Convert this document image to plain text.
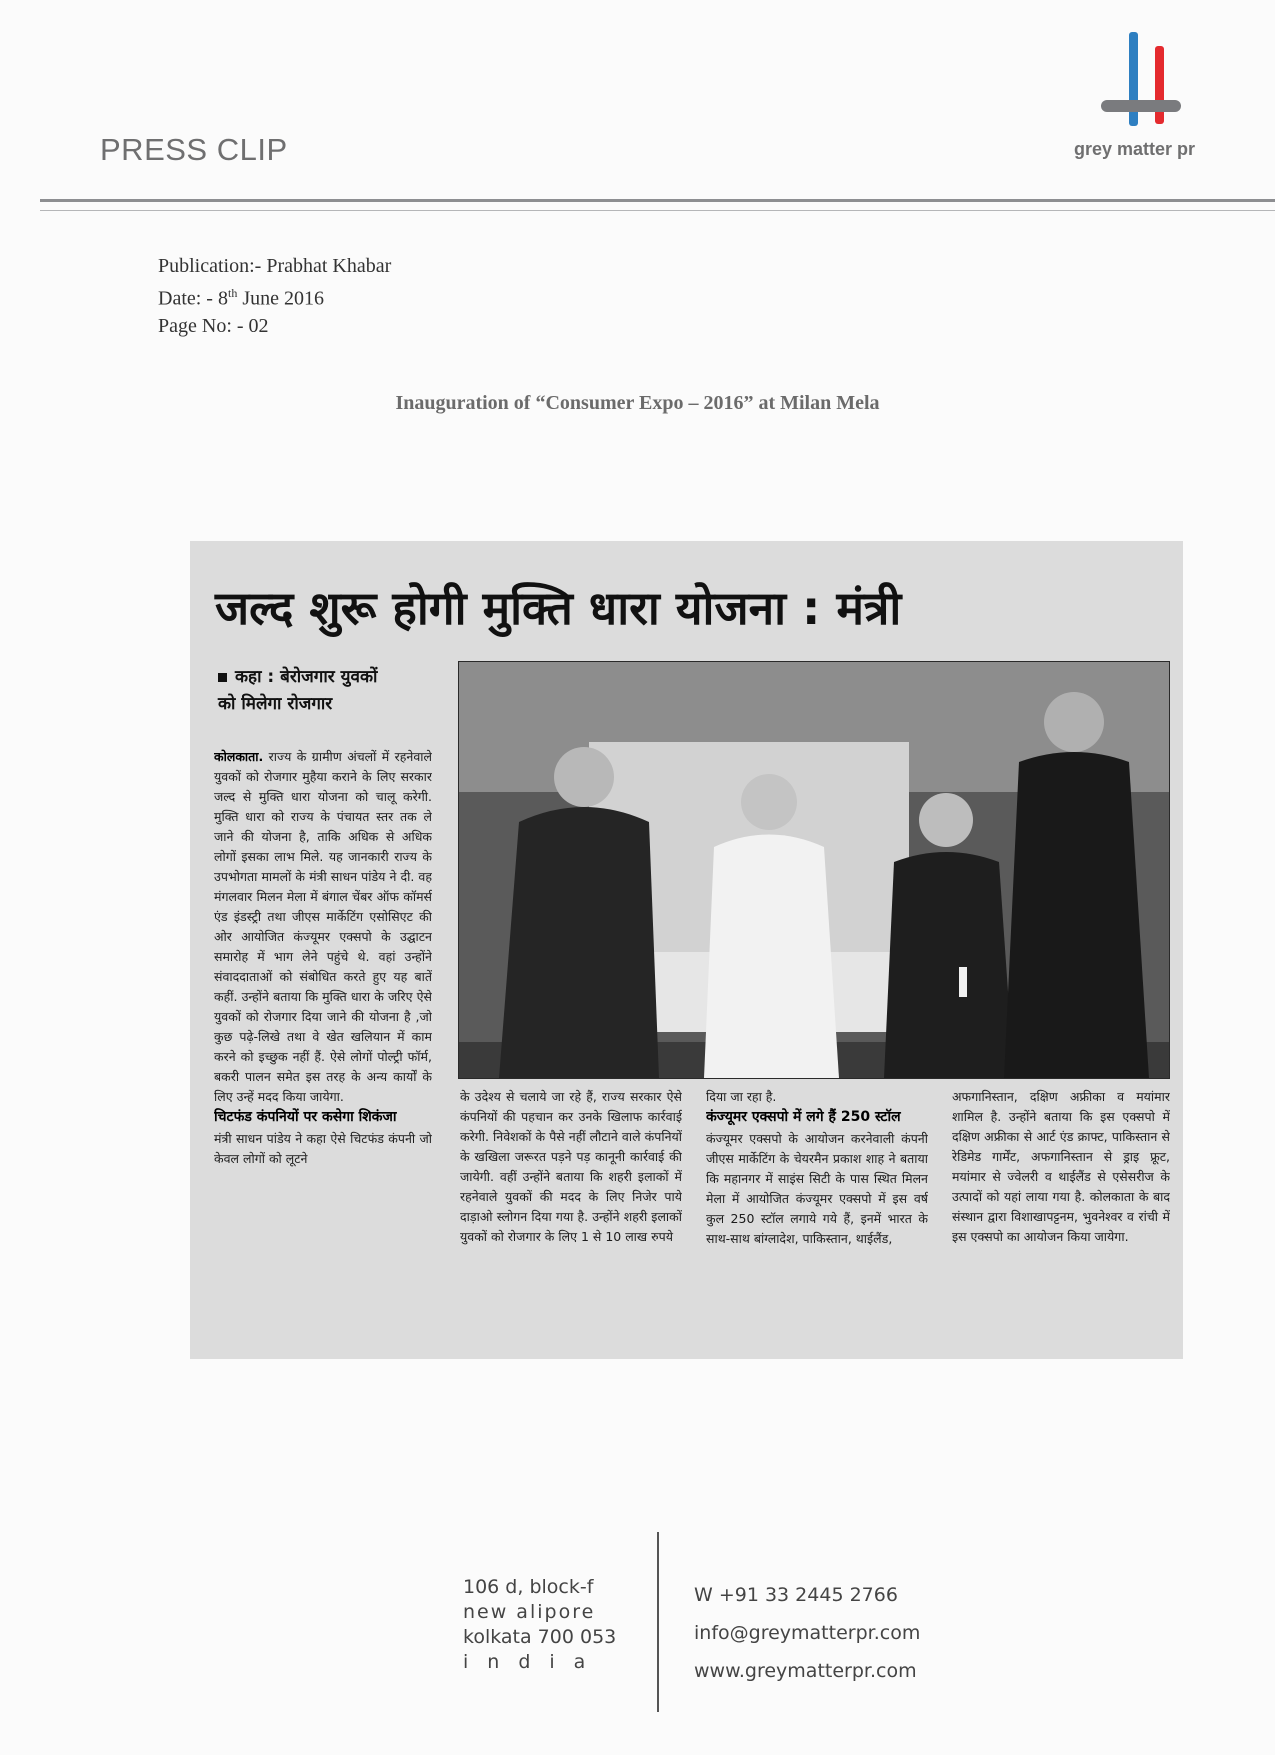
PRESS CLIP	grey matter pr
Publication:- Prabhat Khabar
Date: - 8th June 2016
Page No: - 02
Inauguration of “Consumer Expo – 2016” at Milan Mela
जल्द शुरू होगी मुक्ति धारा योजना : मंत्री
कहा : बेरोजगार युवकों
को मिलेगा रोजगार
कोलकाता. राज्य के ग्रामीण अंचलों में रहनेवाले युवकों को रोजगार मुहैया कराने के लिए सरकार जल्द से मुक्ति धारा योजना को चालू करेगी. मुक्ति धारा को राज्य के पंचायत स्तर तक ले जाने की योजना है, ताकि अधिक से अधिक लोगों इसका लाभ मिले. यह जानकारी राज्य के उपभोगता मामलों के मंत्री साधन पांडेय ने दी. वह मंगलवार मिलन मेला में बंगाल चेंबर ऑफ कॉमर्स एंड इंडस्ट्री तथा जीएस मार्केटिंग एसोसिएट की ओर आयोजित कंज्यूमर एक्सपो के उद्घाटन समारोह में भाग लेने पहुंचे थे. वहां उन्होंने संवाददाताओं को संबोधित करते हुए यह बातें कहीं. उन्होंने बताया कि मुक्ति धारा के जरिए ऐसे युवकों को रोजगार दिया जाने की योजना है ,जो कुछ पढ़े-लिखे तथा वे खेत खलियान में काम करने को इच्छुक नहीं हैं. ऐसे लोगों पोल्ट्री फॉर्म, बकरी पालन समेत इस तरह के अन्य कार्यों के लिए उन्हें मदद किया जायेगा.
चिटफंड कंपनियों पर कसेगा शिकंजा
मंत्री साधन पांडेय ने कहा ऐसे चिटफंड कंपनी जो केवल लोगों को लूटने
के उदेश्य से चलाये जा रहे हैं, राज्य सरकार ऐसे कंपनियों की पहचान कर उनके खिलाफ कार्रवाई करेगी. निवेशकों के पैसे नहीं लौटाने वाले कंपनियों के खखिला जरूरत पड़ने पड़ कानूनी कार्रवाई की जायेगी. वहीं उन्होंने बताया कि शहरी इलाकों में रहनेवाले युवकों की मदद के लिए निजेर पाये दाड़ाओ स्लोगन दिया गया है. उन्होंने शहरी इलाकों युवकों को रोजगार के लिए 1 से 10 लाख रुपये
दिया जा रहा है.
कंज्यूमर एक्सपो में लगे हैं 250 स्टॉल
कंज्यूमर एक्सपो के आयोजन करनेवाली कंपनी जीएस मार्केटिंग के चेयरमैन प्रकाश शाह ने बताया कि महानगर में साइंस सिटी के पास स्थित मिलन मेला में आयोजित कंज्यूमर एक्सपो में इस वर्ष कुल 250 स्टॉल लगाये गये हैं, इनमें भारत के साथ-साथ बांग्लादेश, पाकिस्तान, थाईलैंड,
अफगानिस्तान, दक्षिण अफ्रीका व मयांमार शामिल है. उन्होंने बताया कि इस एक्सपो में दक्षिण अफ्रीका से आर्ट एंड क्राफ्ट, पाकिस्तान से रेडिमेड गार्मेंट, अफगानिस्तान से ड्राइ फ्रूट, मयांमार से ज्वेलरी व थाईलैंड से एसेसरीज के उत्पादों को यहां लाया गया है. कोलकाता के बाद संस्थान द्वारा विशाखापट्टनम, भुवनेश्वर व रांची में इस एक्सपो का आयोजन किया जायेगा.
106 d, block-f
new alipore
kolkata 700 053
india
W +91 33 2445 2766
info@greymatterpr.com
www.greymatterpr.com
